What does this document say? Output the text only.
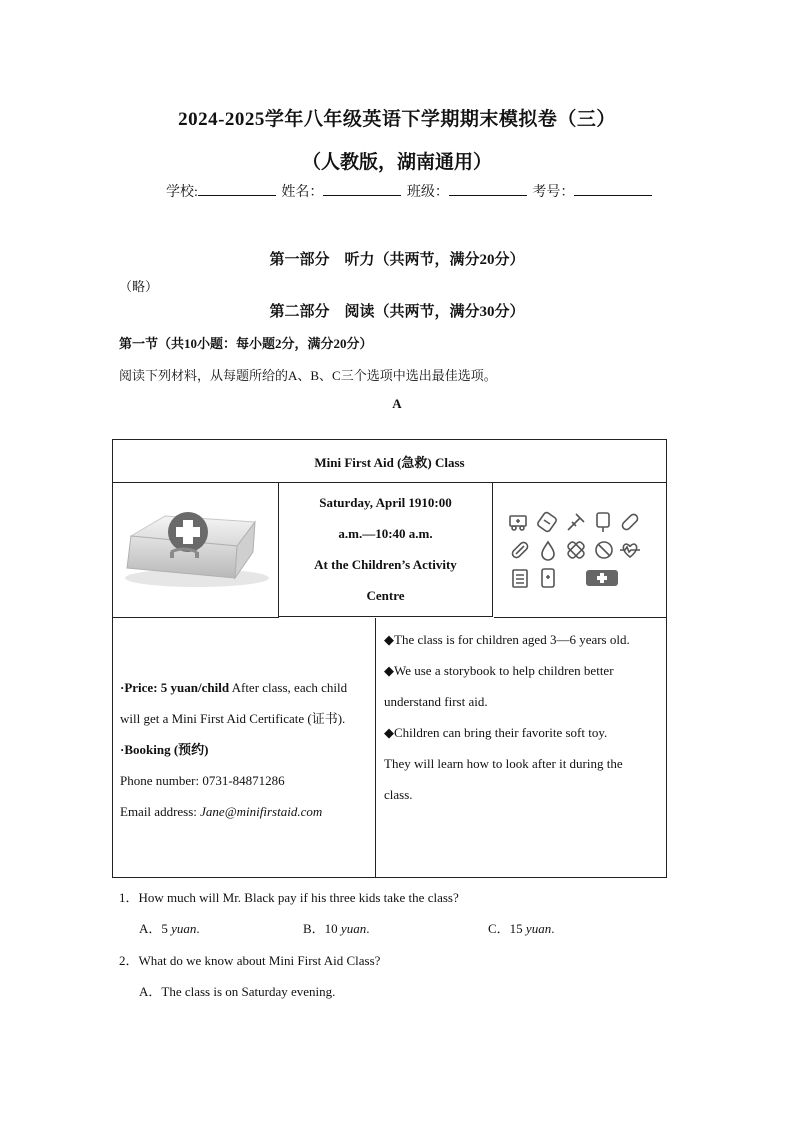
2024-2025学年八年级英语下学期期末模拟卷（三）
（人教版，湖南通用）
学校:	姓名：	班级：	考号：
第一部分　听力（共两节，满分20分）
（略）
第二部分　阅读（共两节，满分30分）
第一节（共10小题：每小题2分，满分20分）
阅读下列材料，从每题所给的A、B、C三个选项中选出最佳选项。
A
Mini First Aid (急救) Class
Saturday, April 1910:00
a.m.—10:40 a.m.
At the Children’s Activity
Centre
·Price: 5 yuan/child After class, each child
will get a Mini First Aid Certificate (证书).
·Booking (预约)
Phone number: 0731-84871286
Email address: Jane@minifirstaid.com
◆The class is for children aged 3—6 years old.
◆We use a storybook to help children better
understand first aid.
◆Children can bring their favorite soft toy.
They will learn how to look after it during the
class.
1．How much will Mr. Black pay if his three kids take the class?
A．5 yuan.	B．10 yuan.	C．15 yuan.
2．What do we know about Mini First Aid Class?
A．The class is on Saturday evening.
